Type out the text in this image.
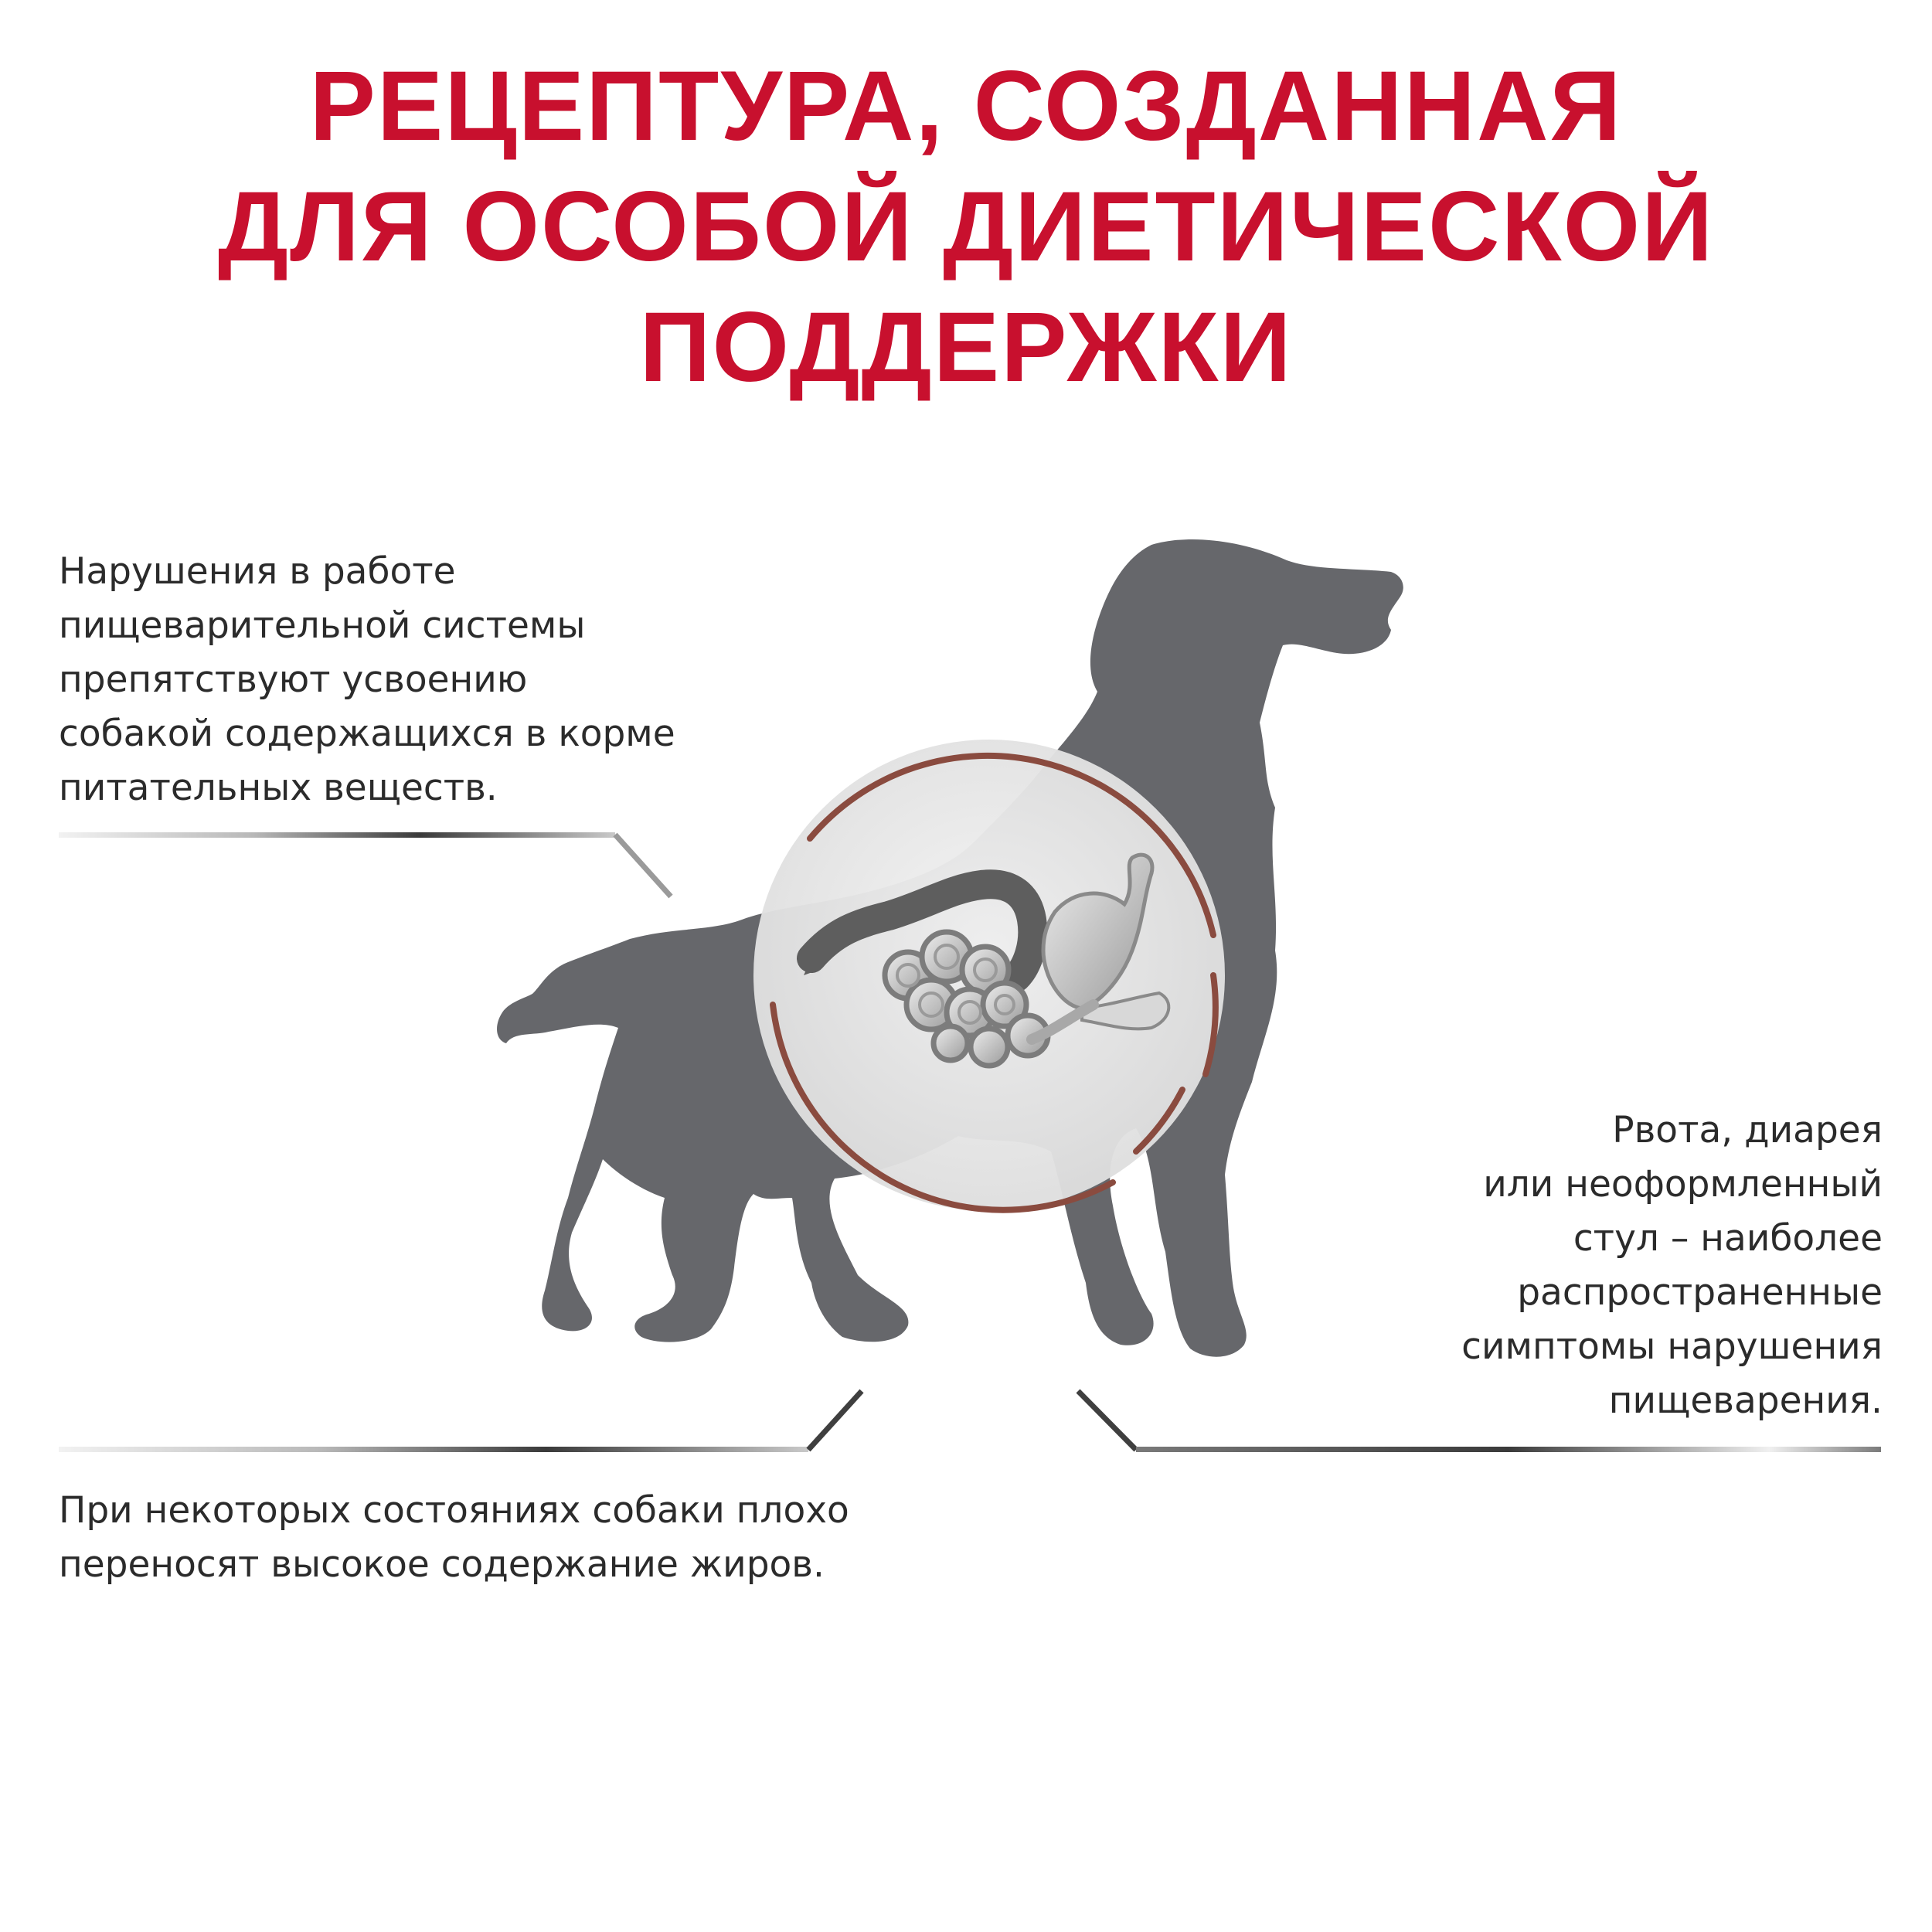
РЕЦЕПТУРА, СОЗДАННАЯ
ДЛЯ ОСОБОЙ ДИЕТИЧЕСКОЙ
ПОДДЕРЖКИ

Нарушения в работе
пищеварительной системы
препятствуют усвоению
собакой содержащихся в корме
питательных веществ.

Рвота, диарея
или неоформленный
стул – наиболее
распространенные
симптомы нарушения
пищеварения.

При некоторых состояниях собаки плохо
переносят высокое содержание жиров.
